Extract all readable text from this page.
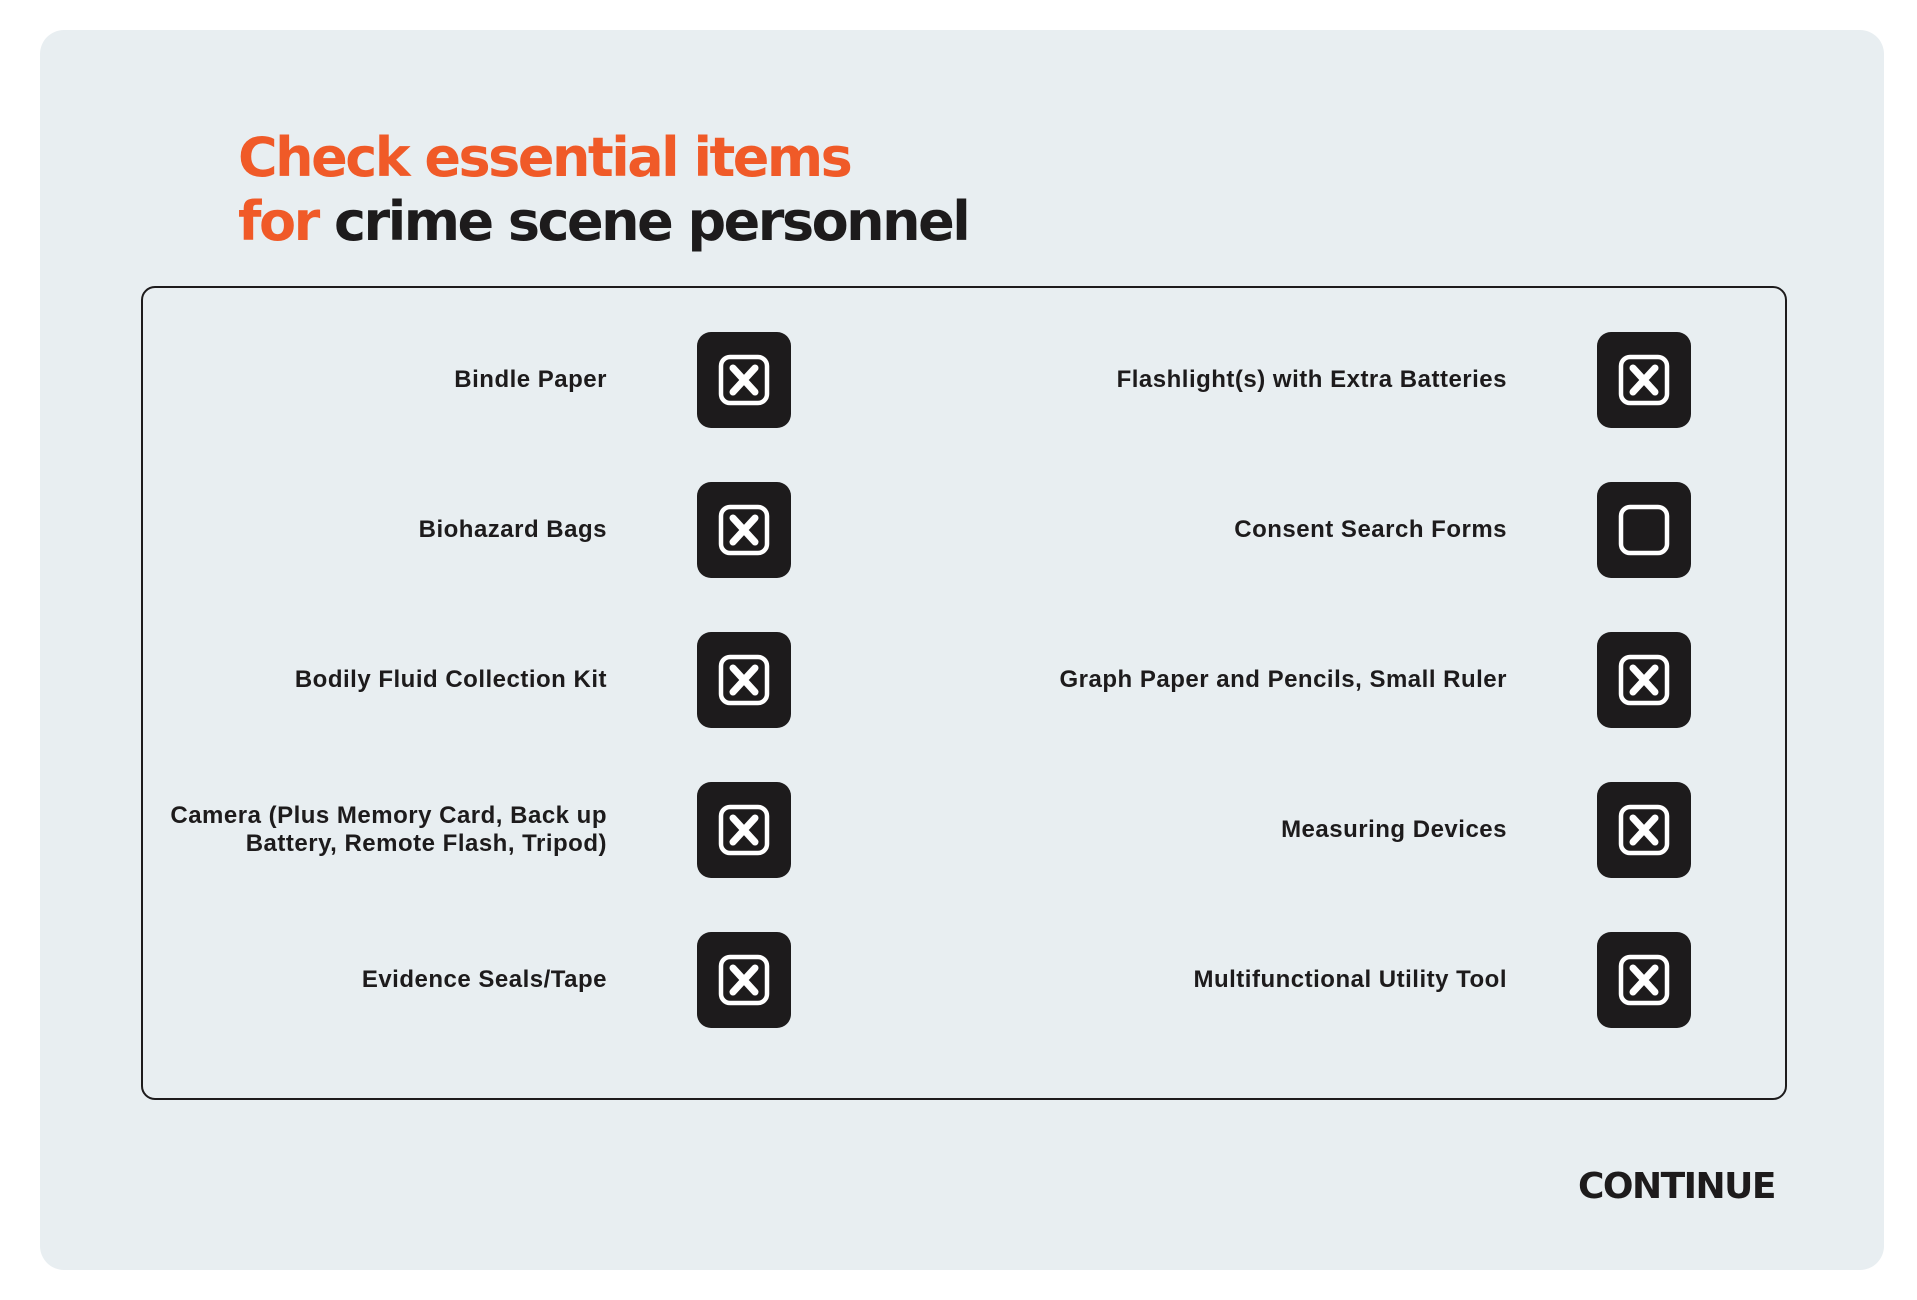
Check essential items
for crime scene personnel
Bindle Paper
Biohazard Bags
Bodily Fluid Collection Kit
Camera (Plus Memory Card, Back up
Battery, Remote Flash, Tripod)
Evidence Seals/Tape
Flashlight(s) with Extra Batteries
Consent Search Forms
Graph Paper and Pencils, Small Ruler
Measuring Devices
Multifunctional Utility Tool
CONTINUE
